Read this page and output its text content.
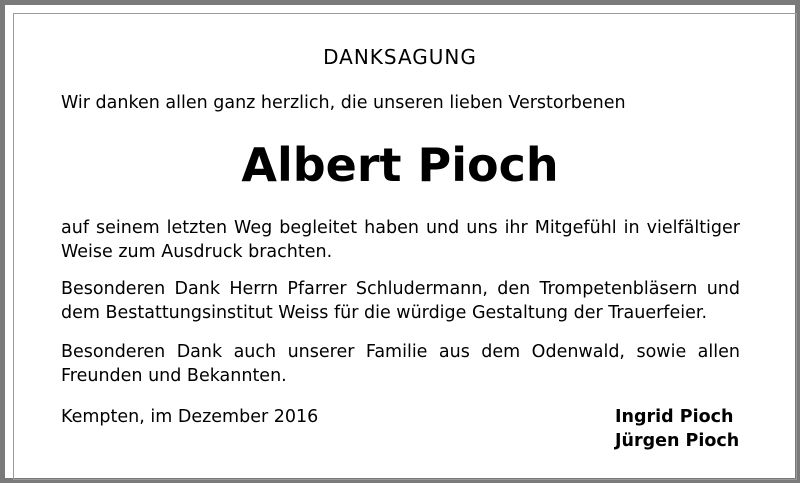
DANKSAGUNG
Wir danken allen ganz herzlich, die unseren lieben Verstorbenen
Albert Pioch
auf seinem letzten Weg begleitet haben und uns ihr Mitgefühl in vielfältiger Weise zum Ausdruck brachten.
Besonderen Dank Herrn Pfarrer Schludermann, den Trompetenbläsern und dem Bestattungsinstitut Weiss für die würdige Gestaltung der Trauerfeier.
Besonderen Dank auch unserer Familie aus dem Odenwald, sowie allen Freunden und Bekannten.
Kempten, im Dezember 2016	Ingrid Pioch
Jürgen Pioch
